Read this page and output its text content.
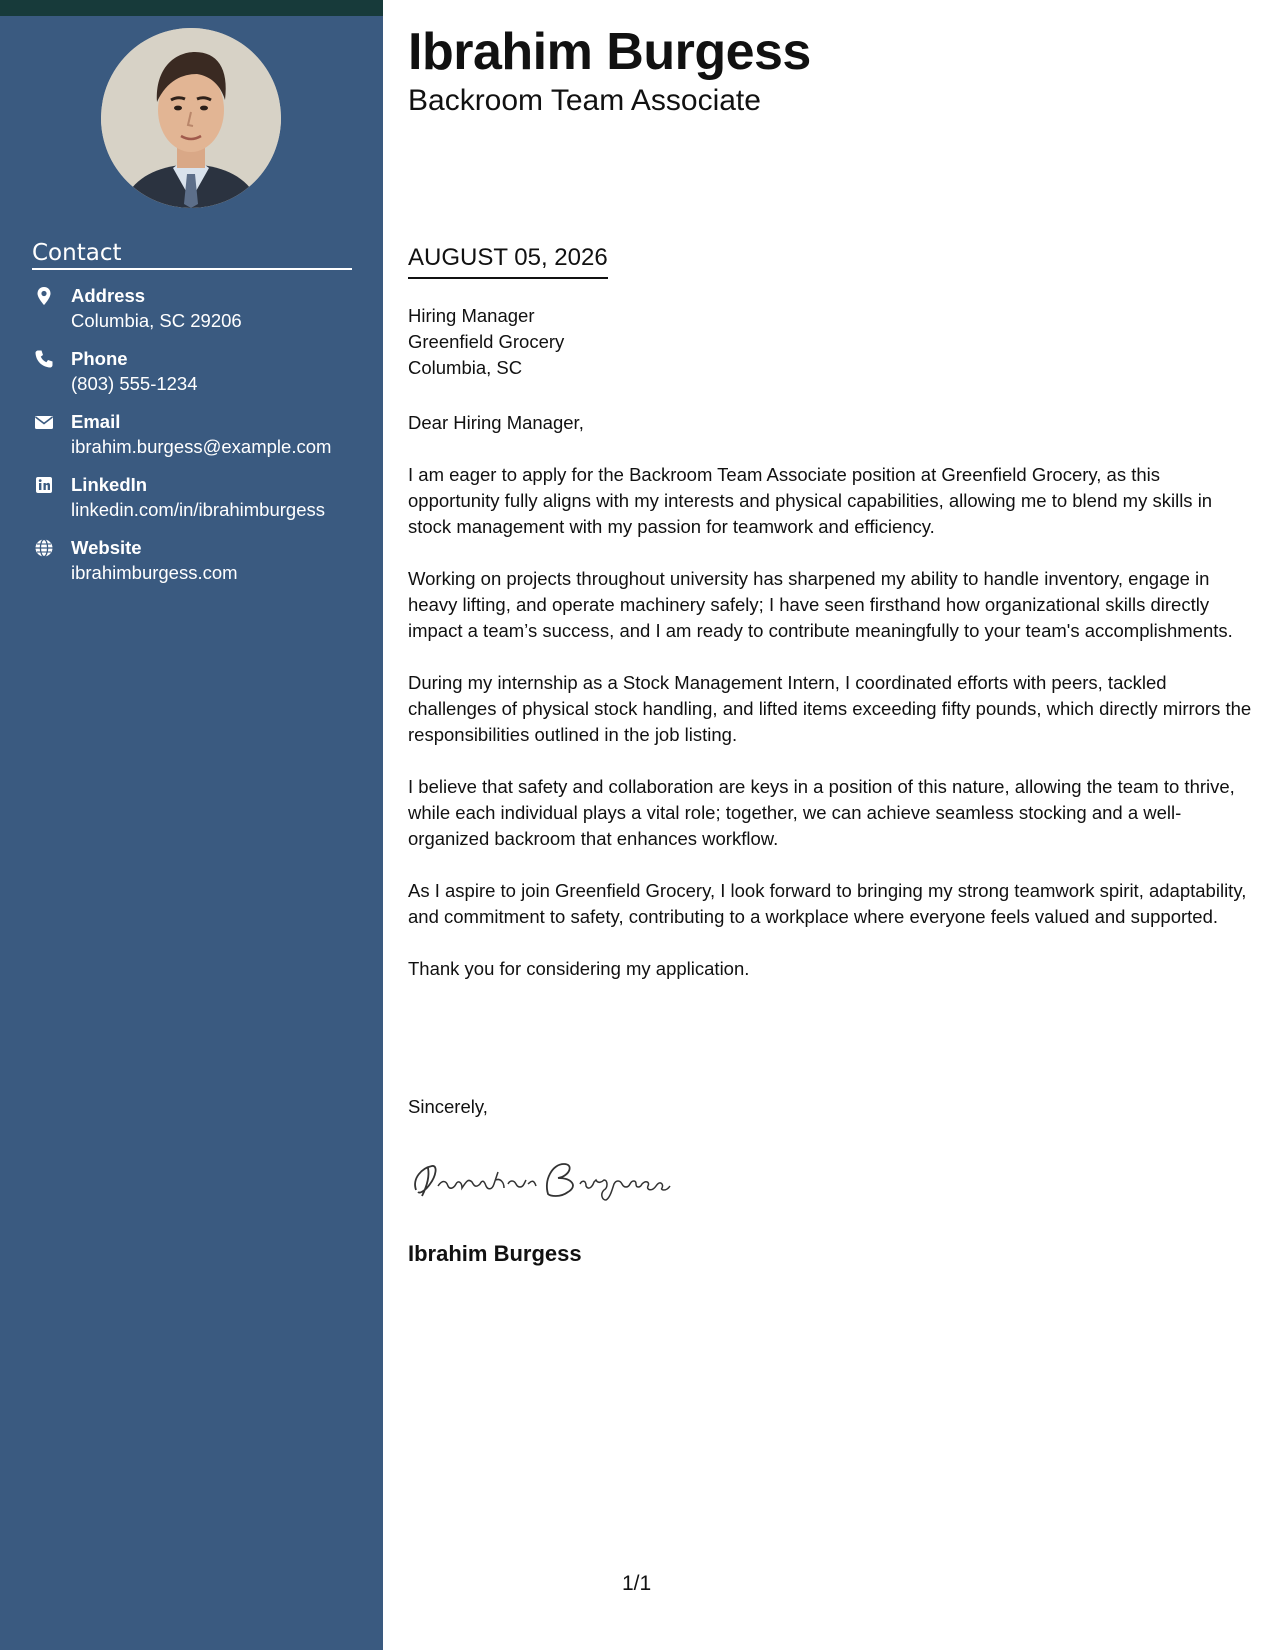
Contact
Address
Columbia, SC 29206
Phone
(803) 555-1234
Email
ibrahim.burgess@example.com
LinkedIn
linkedin.com/in/ibrahimburgess
Website
ibrahimburgess.com
Ibrahim Burgess
Backroom Team Associate
AUGUST 05, 2026
Hiring Manager
Greenfield Grocery
Columbia, SC
Dear Hiring Manager,

I am eager to apply for the Backroom Team Associate position at Greenfield Grocery, as this opportunity fully aligns with my interests and physical capabilities, allowing me to blend my skills in stock management with my passion for teamwork and efficiency.

Working on projects throughout university has sharpened my ability to handle inventory, engage in heavy lifting, and operate machinery safely; I have seen firsthand how organizational skills directly impact a team’s success, and I am ready to contribute meaningfully to your team's accomplishments.

During my internship as a Stock Management Intern, I coordinated efforts with peers, tackled challenges of physical stock handling, and lifted items exceeding fifty pounds, which directly mirrors the responsibilities outlined in the job listing.

I believe that safety and collaboration are keys in a position of this nature, allowing the team to thrive, while each individual plays a vital role; together, we can achieve seamless stocking and a well-organized backroom that enhances workflow.

As I aspire to join Greenfield Grocery, I look forward to bringing my strong teamwork spirit, adaptability, and commitment to safety, contributing to a workplace where everyone feels valued and supported.

Thank you for considering my application.

Sincerely,
Ibrahim Burgess
1/1
